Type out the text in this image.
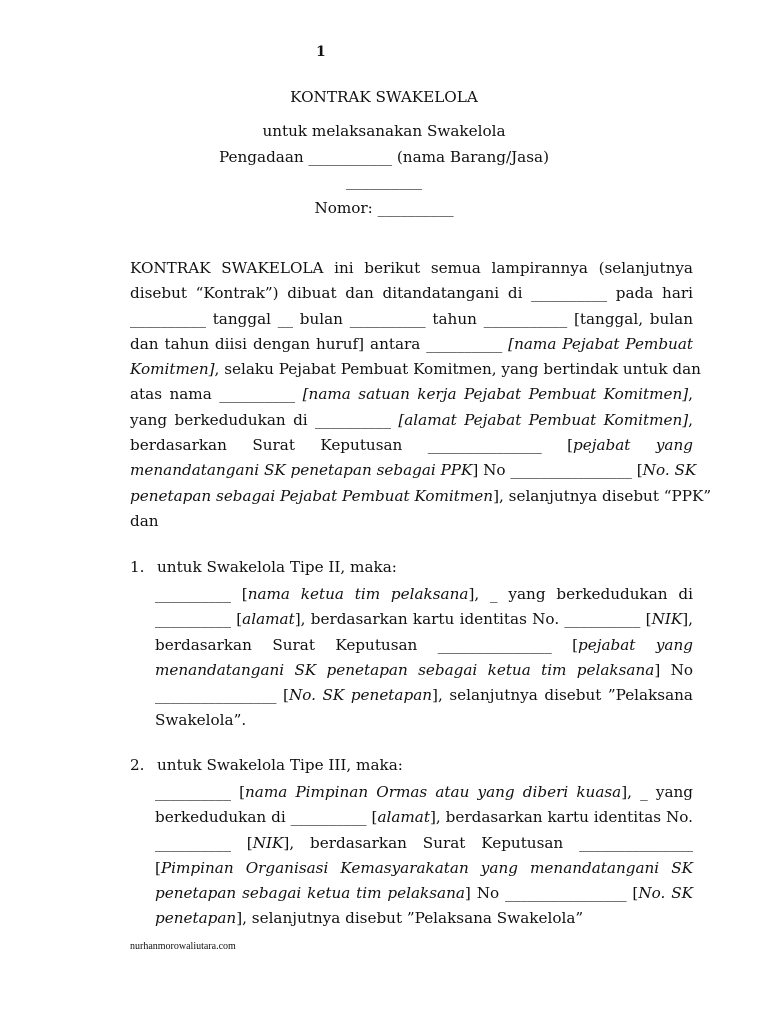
1
KONTRAK SWAKELOLA
untuk melaksanakan Swakelola
Pengadaan ___________ (nama Barang/Jasa)
__________
Nomor: __________
KONTRAK SWAKELOLA ini berikut semua lampirannya (selanjutnya
disebut “Kontrak”) dibuat dan ditandatangani di __________ pada hari
__________ tanggal __ bulan __________ tahun ___________ [tanggal, bulan
dan tahun diisi dengan huruf] antara __________ [nama Pejabat Pembuat
Komitmen], selaku Pejabat Pembuat Komitmen, yang bertindak untuk dan
atas nama __________ [nama satuan kerja Pejabat Pembuat Komitmen],
yang berkedudukan di __________ [alamat Pejabat Pembuat Komitmen],
berdasarkan Surat Keputusan _______________ [pejabat yang
menandatangani SK penetapan sebagai PPK] No ________________ [No. SK
penetapan sebagai Pejabat Pembuat Komitmen], selanjutnya disebut “PPK”
dan
1. untuk Swakelola Tipe II, maka:
__________ [nama ketua tim pelaksana], _ yang berkedudukan di
__________ [alamat], berdasarkan kartu identitas No. __________ [NIK],
berdasarkan Surat Keputusan _______________ [pejabat yang
menandatangani SK penetapan sebagai ketua tim pelaksana] No
________________ [No. SK penetapan], selanjutnya disebut ”Pelaksana
Swakelola”.
2. untuk Swakelola Tipe III, maka:
__________ [nama Pimpinan Ormas atau yang diberi kuasa], _ yang
berkedudukan di __________ [alamat], berdasarkan kartu identitas No.
__________ [NIK], berdasarkan Surat Keputusan _______________
[Pimpinan Organisasi Kemasyarakatan yang menandatangani SK
penetapan sebagai ketua tim pelaksana] No ________________ [No. SK
penetapan], selanjutnya disebut ”Pelaksana Swakelola”
nurhanmorowaliutara.com
